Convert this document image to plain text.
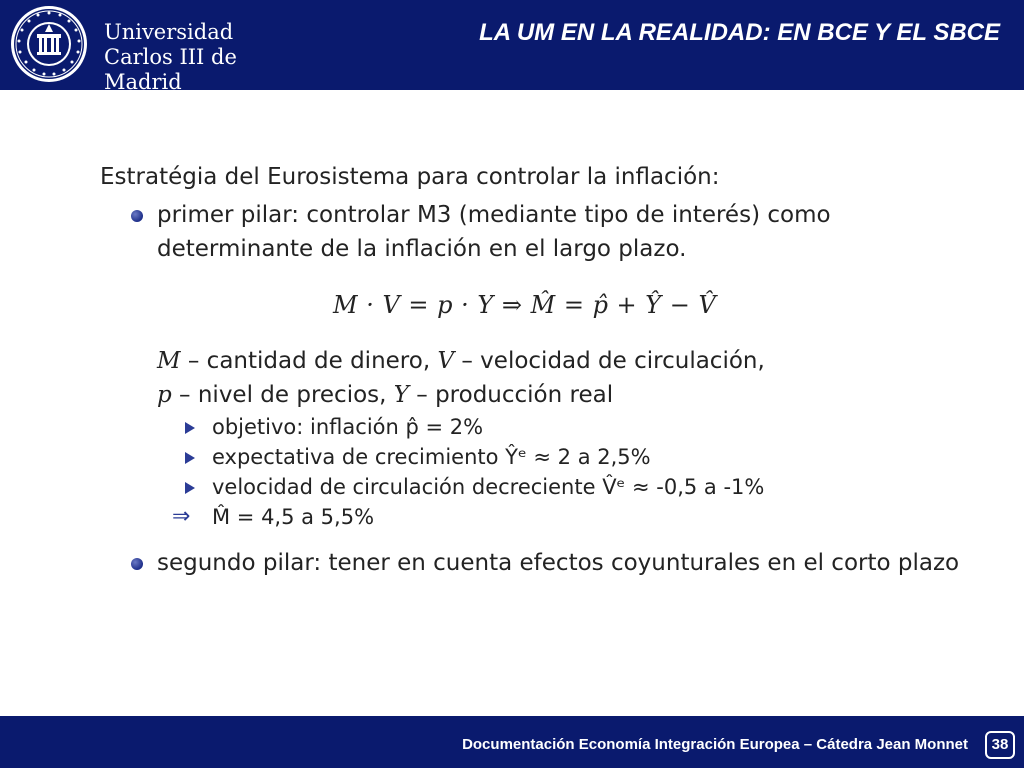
Universidad
Carlos III de Madrid
LA UM EN LA REALIDAD: EN BCE Y EL SBCE
Estratégia del Eurosistema para controlar la inflación:
primer pilar: controlar M3 (mediante tipo de interés) como
determinante de la inflación en el largo plazo.
M · V = p · Y ⇒ M̂ = p̂ + Ŷ − V̂
M – cantidad de dinero, V – velocidad de circulación,
p – nivel de precios, Y – producción real
objetivo: inflación p̂ = 2%
expectativa de crecimiento Ŷᵉ ≈ 2 a 2,5%
velocidad de circulación decreciente V̂ᵉ ≈ -0,5 a -1%
⇒ M̂ = 4,5 a 5,5%
segundo pilar: tener en cuenta efectos coyunturales en el corto plazo
Documentación Economía Integración Europea – Cátedra Jean Monnet	38
